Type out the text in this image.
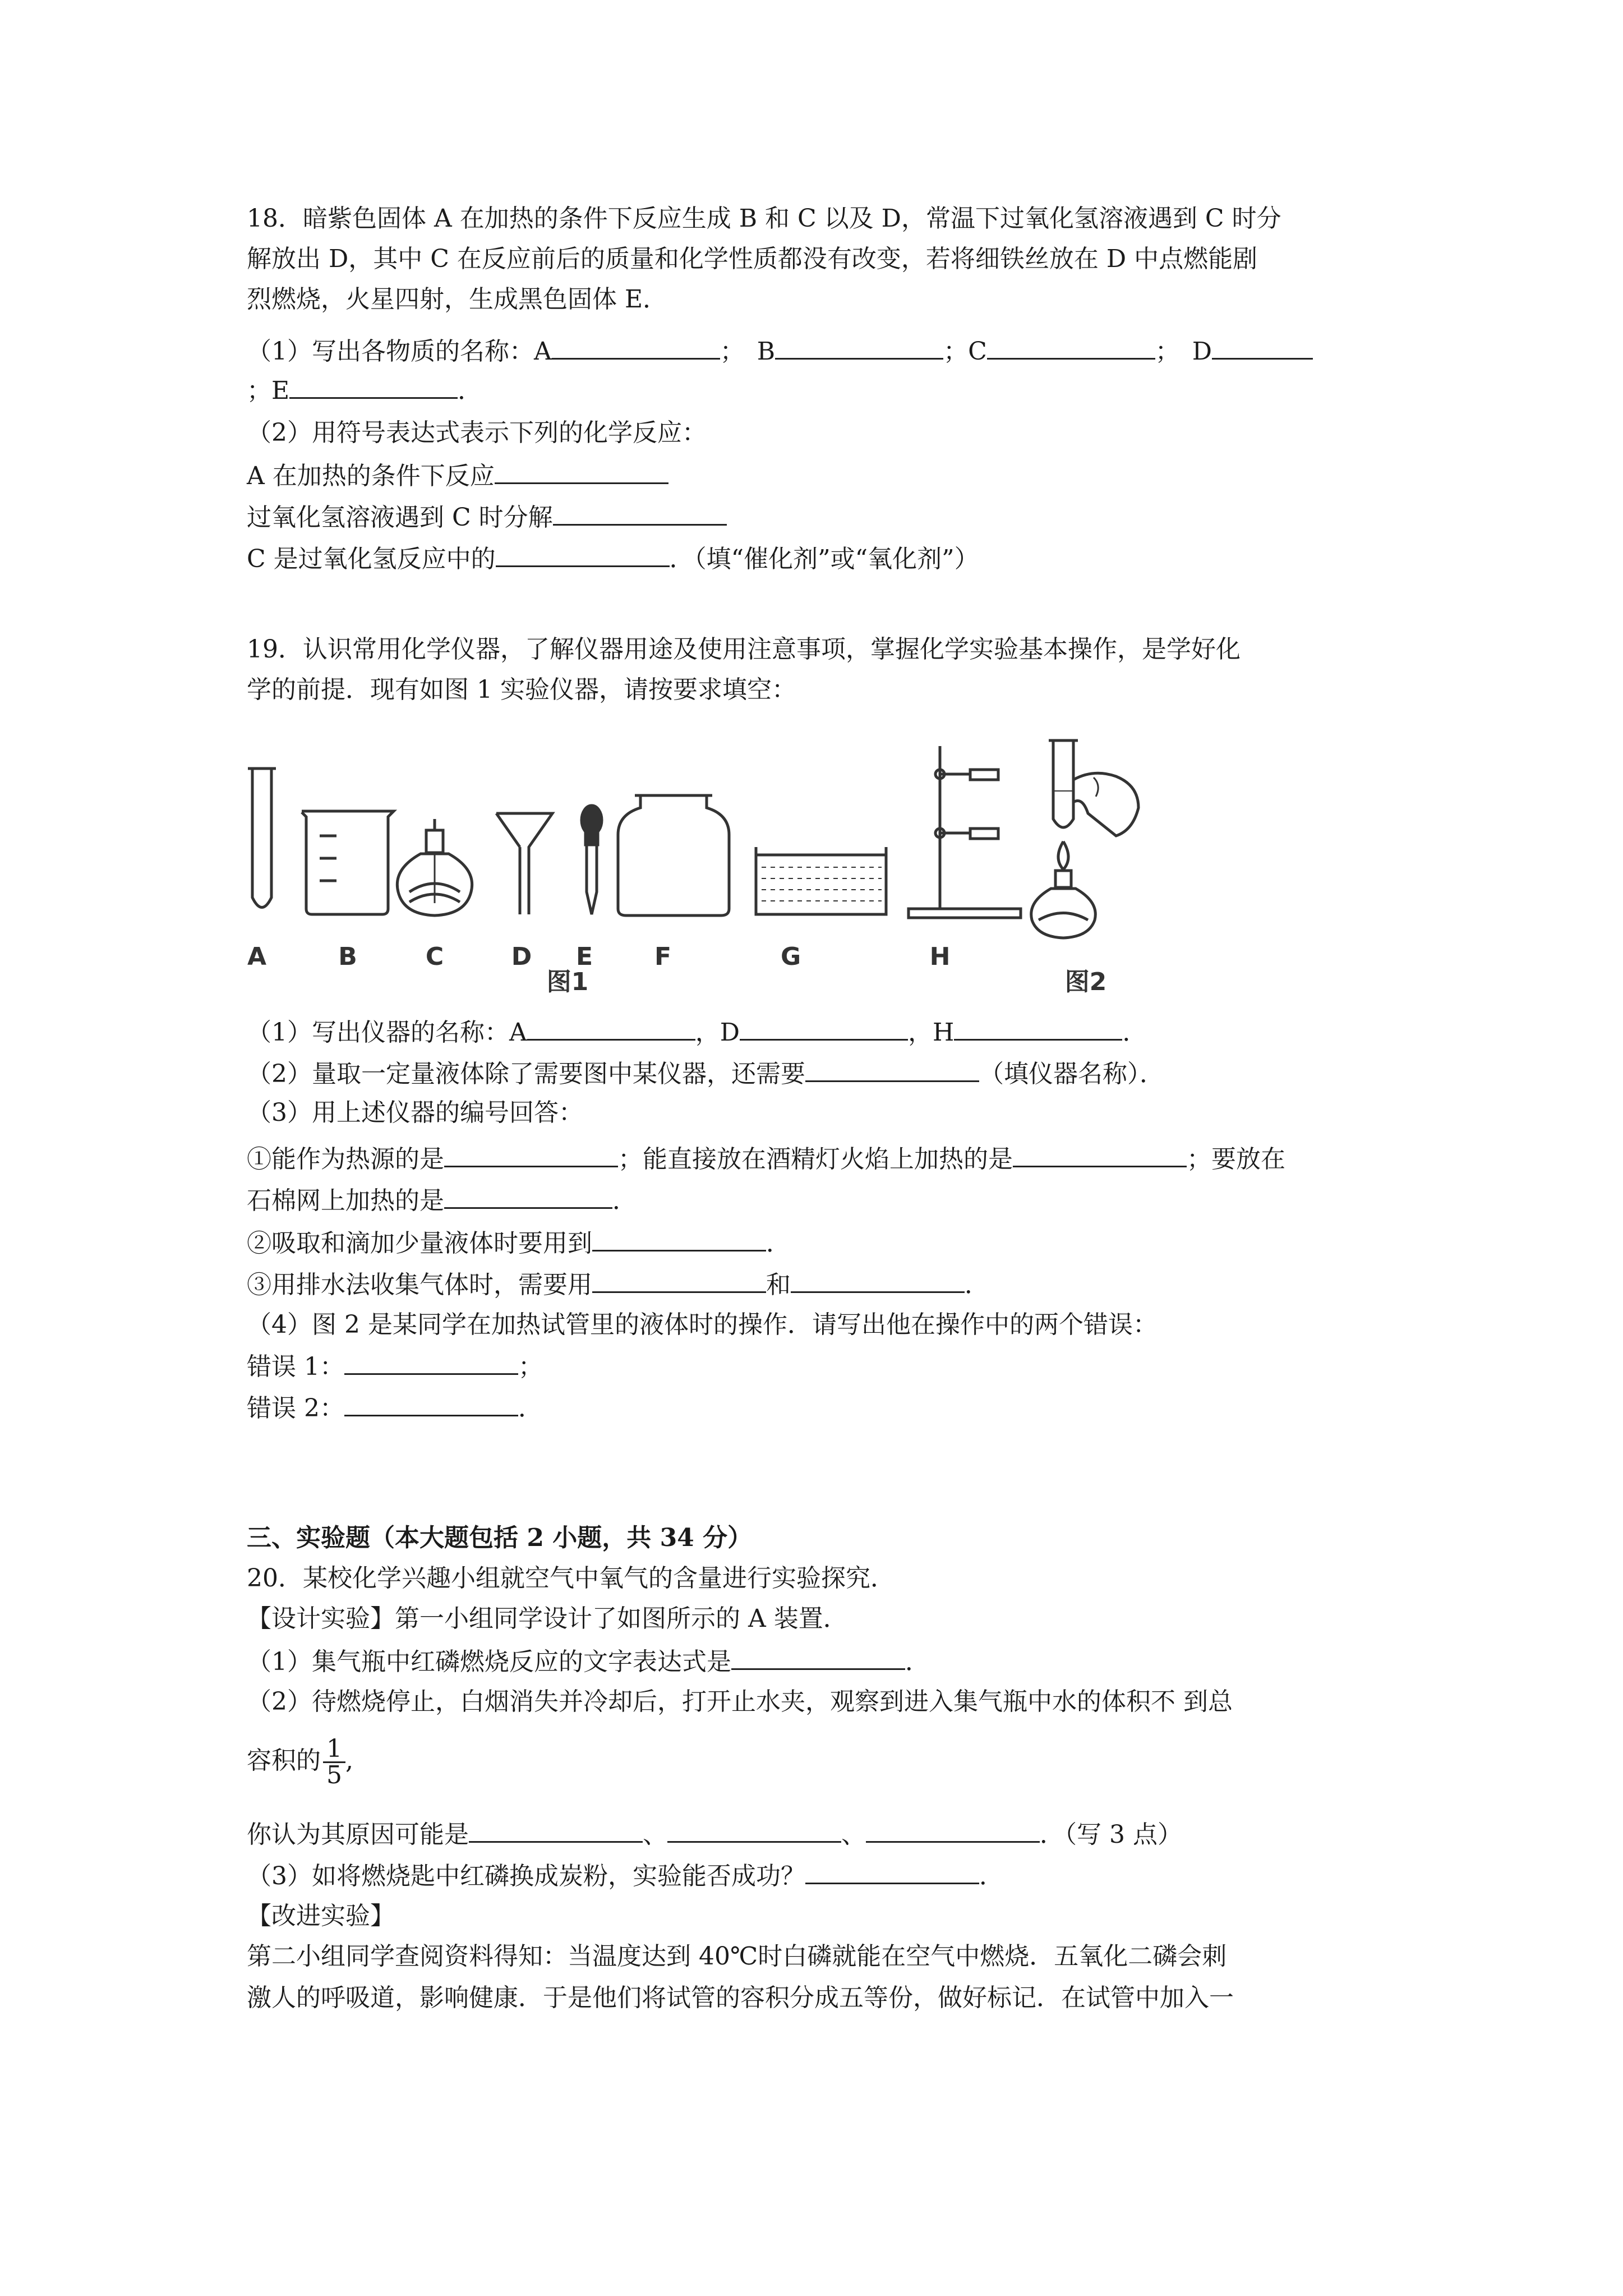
18．暗紫色固体 A 在加热的条件下反应生成 B 和 C 以及 D，常温下过氧化氢溶液遇到 C 时分
解放出 D，其中 C 在反应前后的质量和化学性质都没有改变，若将细铁丝放在 D 中点燃能剧
烈燃烧，火星四射，生成黑色固体 E．
（1）写出各物质的名称：A	；　B	；C	；　D
；E	．
（2）用符号表达式表示下列的化学反应：
A 在加热的条件下反应
过氧化氢溶液遇到 C 时分解
C 是过氧化氢反应中的	．（填“催化剂”或“氧化剂”）
19．认识常用化学仪器，了解仪器用途及使用注意事项，掌握化学实验基本操作，是学好化
学的前提．现有如图 1 实验仪器，请按要求填空：
A	B	C	D E F	G	H
图1	图2
（1）写出仪器的名称：A	，D	，H	．
（2）量取一定量液体除了需要图中某仪器，还需要	（填仪器名称）．
（3）用上述仪器的编号回答：
①能作为热源的是	；能直接放在酒精灯火焰上加热的是	；要放在
石棉网上加热的是	．
②吸取和滴加少量液体时要用到	．
③用排水法收集气体时，需要用	和	．
（4）图 2 是某同学在加热试管里的液体时的操作．请写出他在操作中的两个错误：
错误 1：	；
错误 2：	．
三、实验题（本大题包括 2 小题，共 34 分）
20．某校化学兴趣小组就空气中氧气的含量进行实验探究．
【设计实验】第一小组同学设计了如图所示的 A 装置．
（1）集气瓶中红磷燃烧反应的文字表达式是	．
（2）待燃烧停止，白烟消失并冷却后，打开止水夹，观察到进入集气瓶中水的体积不 到总
容积的 $\frac{1}{5}$ ,
你认为其原因可能是	、	、	．（写 3 点）
（3）如将燃烧匙中红磷换成炭粉，实验能否成功？	．
【改进实验】
第二小组同学查阅资料得知：当温度达到 40℃时白磷就能在空气中燃烧．五氧化二磷会刺
激人的呼吸道，影响健康．于是他们将试管的容积分成五等份，做好标记．在试管中加入一
